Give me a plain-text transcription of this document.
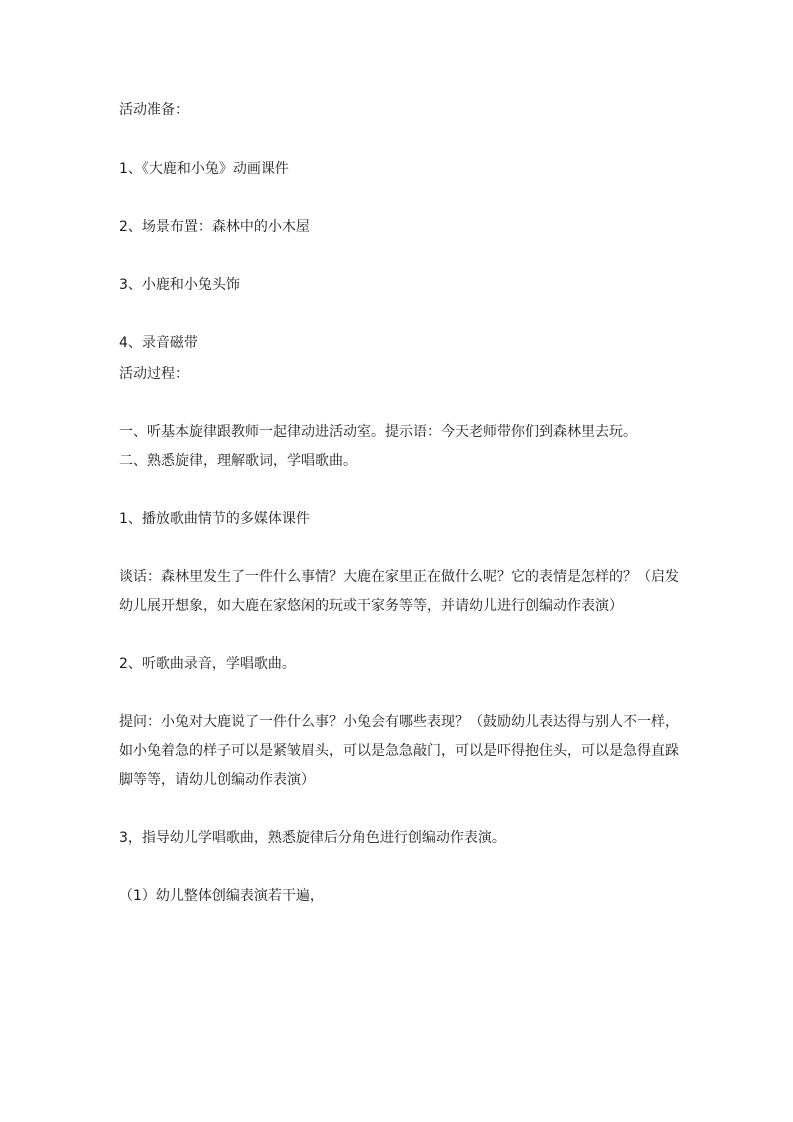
活动准备：
1、《大鹿和小兔》动画课件
2、场景布置：森林中的小木屋
3、小鹿和小兔头饰
4、录音磁带
活动过程：
一、听基本旋律跟教师一起律动进活动室。提示语：今天老师带你们到森林里去玩。
二、熟悉旋律，理解歌词，学唱歌曲。
1、播放歌曲情节的多媒体课件
谈话：森林里发生了一件什么事情？大鹿在家里正在做什么呢？它的表情是怎样的？（启发
幼儿展开想象，如大鹿在家悠闲的玩或干家务等等，并请幼儿进行创编动作表演）
2、听歌曲录音，学唱歌曲。
提问：小兔对大鹿说了一件什么事？小兔会有哪些表现？（鼓励幼儿表达得与别人不一样，
如小兔着急的样子可以是紧皱眉头，可以是急急敲门，可以是吓得抱住头，可以是急得直跺
脚等等，请幼儿创编动作表演）
3，指导幼儿学唱歌曲，熟悉旋律后分角色进行创编动作表演。
（1）幼儿整体创编表演若干遍，
